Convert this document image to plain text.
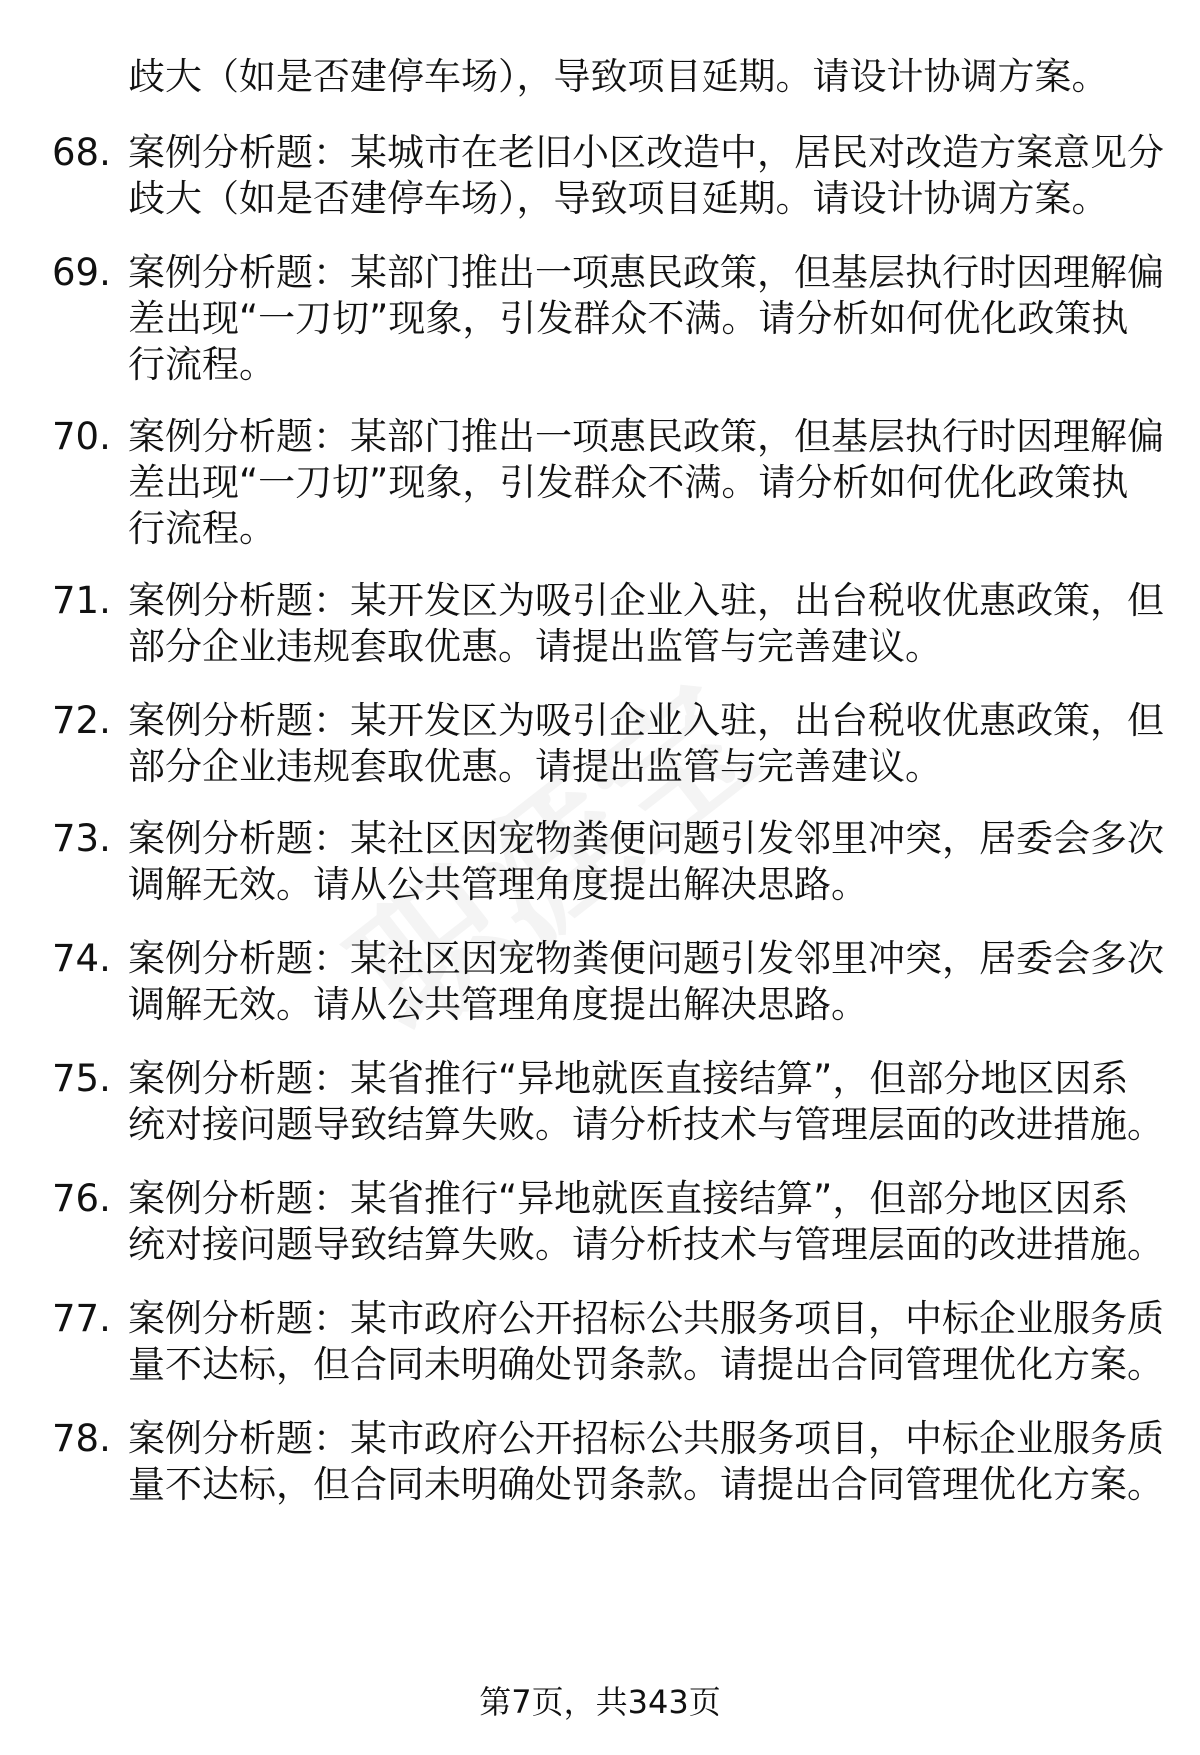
歧大（如是否建停车场），导致项目延期。请设计协调方案。
68. 案例分析题：某城市在老旧小区改造中，居民对改造方案意见分
歧大（如是否建停车场），导致项目延期。请设计协调方案。
69. 案例分析题：某部门推出一项惠民政策，但基层执行时因理解偏
差出现“一刀切”现象，引发群众不满。请分析如何优化政策执
行流程。
70. 案例分析题：某部门推出一项惠民政策，但基层执行时因理解偏
差出现“一刀切”现象，引发群众不满。请分析如何优化政策执
行流程。
71. 案例分析题：某开发区为吸引企业入驻，出台税收优惠政策，但
部分企业违规套取优惠。请提出监管与完善建议。
72. 案例分析题：某开发区为吸引企业入驻，出台税收优惠政策，但
部分企业违规套取优惠。请提出监管与完善建议。
73. 案例分析题：某社区因宠物粪便问题引发邻里冲突，居委会多次
调解无效。请从公共管理角度提出解决思路。
74. 案例分析题：某社区因宠物粪便问题引发邻里冲突，居委会多次
调解无效。请从公共管理角度提出解决思路。
75. 案例分析题：某省推行“异地就医直接结算”，但部分地区因系
统对接问题导致结算失败。请分析技术与管理层面的改进措施。
76. 案例分析题：某省推行“异地就医直接结算”，但部分地区因系
统对接问题导致结算失败。请分析技术与管理层面的改进措施。
77. 案例分析题：某市政府公开招标公共服务项目，中标企业服务质
量不达标，但合同未明确处罚条款。请提出合同管理优化方案。
78. 案例分析题：某市政府公开招标公共服务项目，中标企业服务质
量不达标，但合同未明确处罚条款。请提出合同管理优化方案。
第7页，共343页
